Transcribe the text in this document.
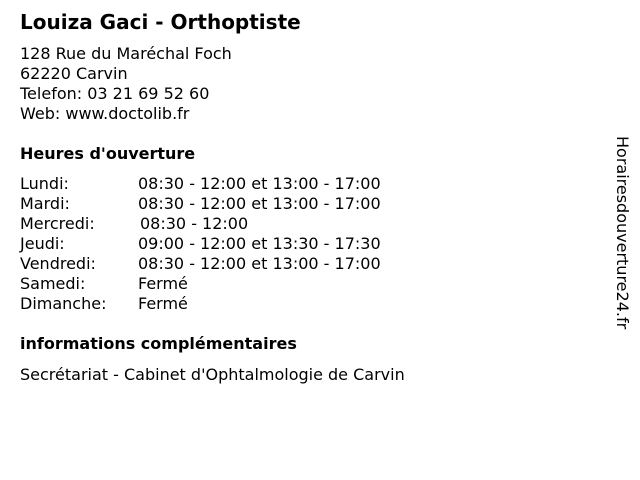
Louiza Gaci - Orthoptiste
128 Rue du Maréchal Foch
62220 Carvin
Telefon: 03 21 69 52 60
Web: www.doctolib.fr
Heures d'ouverture
Lundi:	08:30 - 12:00 et 13:00 - 17:00
Mardi:	08:30 - 12:00 et 13:00 - 17:00
Mercredi:	08:30 - 12:00
Jeudi:	09:00 - 12:00 et 13:30 - 17:30
Vendredi:	08:30 - 12:00 et 13:00 - 17:00
Samedi:	Fermé
Dimanche:	Fermé
informations complémentaires
Secrétariat - Cabinet d'Ophtalmologie de Carvin
Horairesdouverture24.fr
